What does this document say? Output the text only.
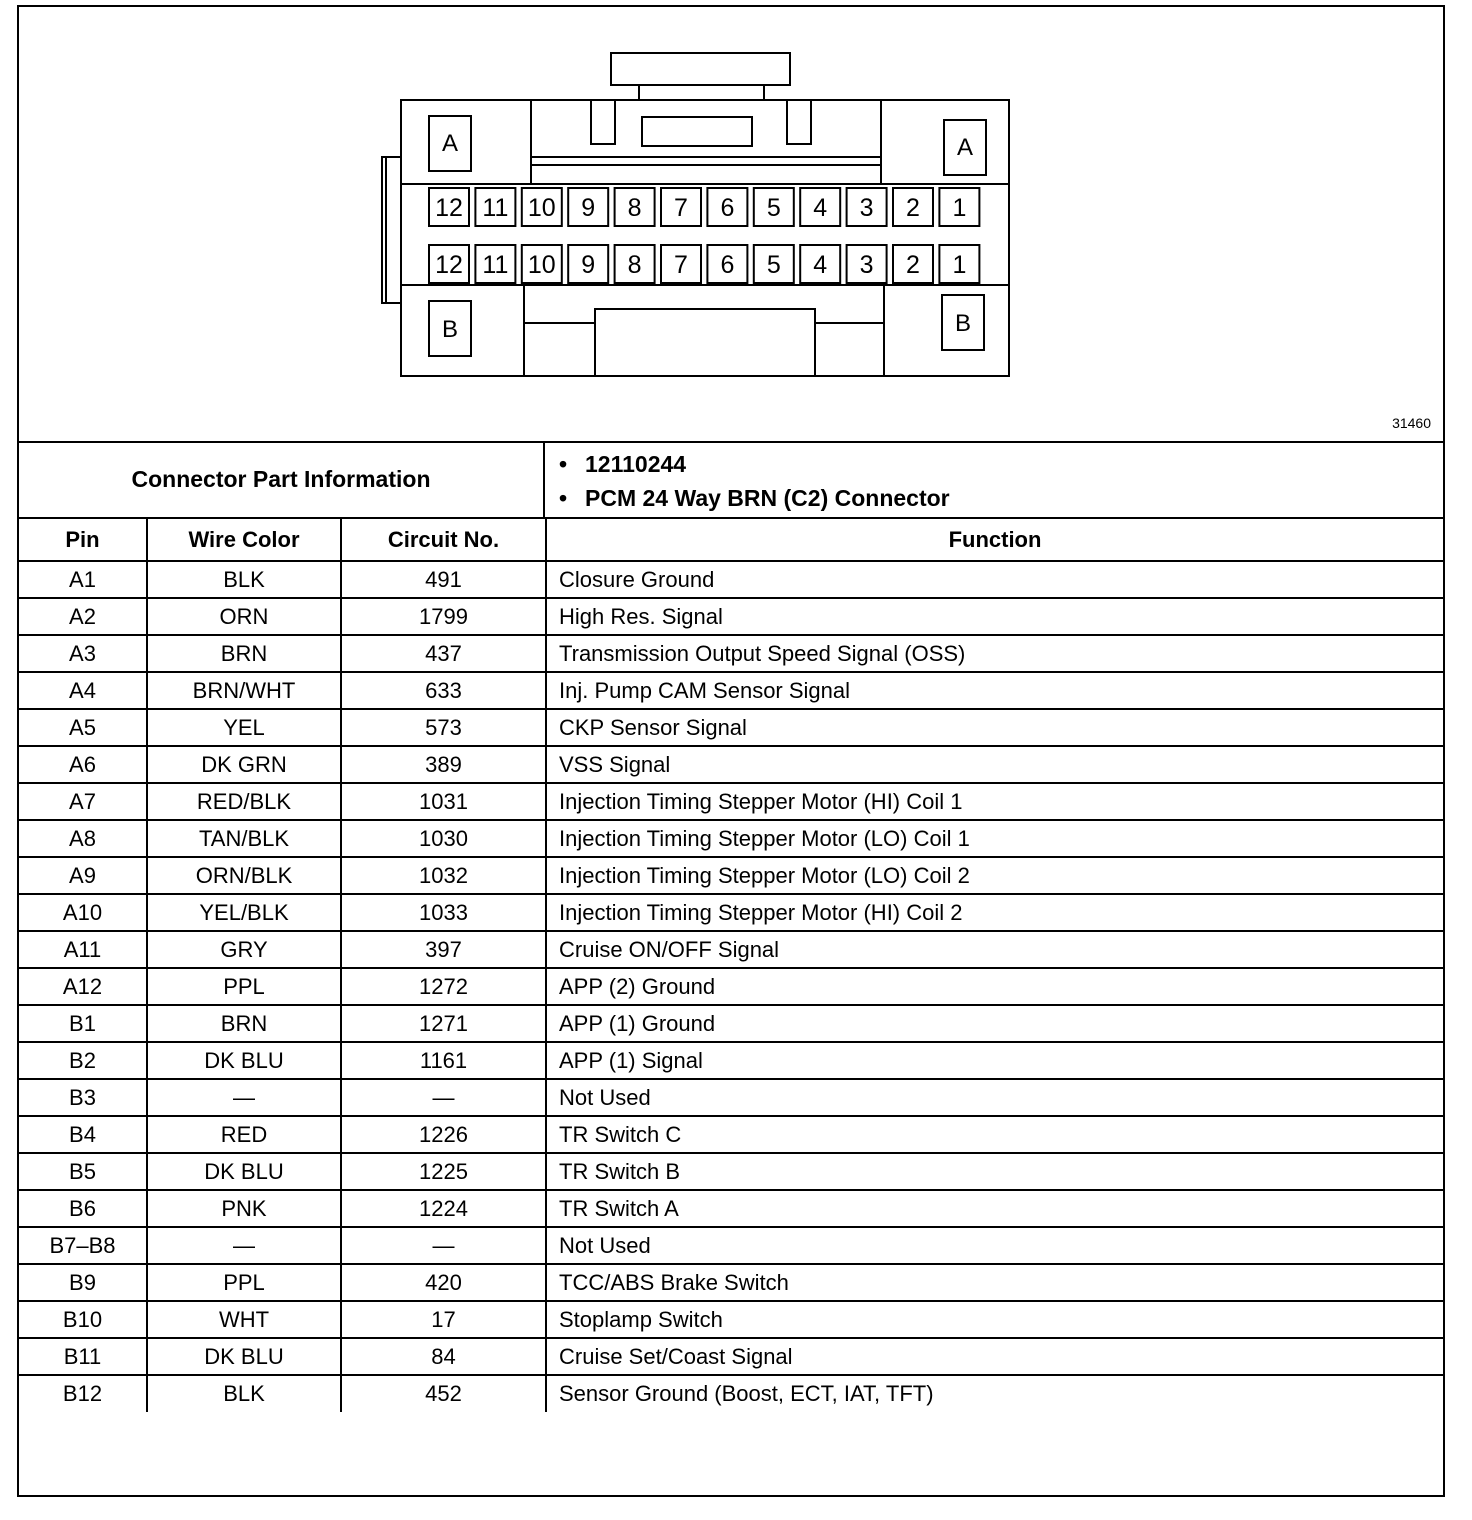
A	A
B	B
12 11 10 9 8 7 6 5 4 3 2 1
12 11 10 9 8 7 6 5 4 3 2 1
31460
Connector Part Information
• 12110244
• PCM 24 Way BRN (C2) Connector
Pin	Wire Color	Circuit No.	Function
A1	BLK	491	Closure Ground
A2	ORN	1799	High Res. Signal
A3	BRN	437	Transmission Output Speed Signal (OSS)
A4	BRN/WHT	633	Inj. Pump CAM Sensor Signal
A5	YEL	573	CKP Sensor Signal
A6	DK GRN	389	VSS Signal
A7	RED/BLK	1031	Injection Timing Stepper Motor (HI) Coil 1
A8	TAN/BLK	1030	Injection Timing Stepper Motor (LO) Coil 1
A9	ORN/BLK	1032	Injection Timing Stepper Motor (LO) Coil 2
A10	YEL/BLK	1033	Injection Timing Stepper Motor (HI) Coil 2
A11	GRY	397	Cruise ON/OFF Signal
A12	PPL	1272	APP (2) Ground
B1	BRN	1271	APP (1) Ground
B2	DK BLU	1161	APP (1) Signal
B3	—	—	Not Used
B4	RED	1226	TR Switch C
B5	DK BLU	1225	TR Switch B
B6	PNK	1224	TR Switch A
B7–B8	—	—	Not Used
B9	PPL	420	TCC/ABS Brake Switch
B10	WHT	17	Stoplamp Switch
B11	DK BLU	84	Cruise Set/Coast Signal
B12	BLK	452	Sensor Ground (Boost, ECT, IAT, TFT)
